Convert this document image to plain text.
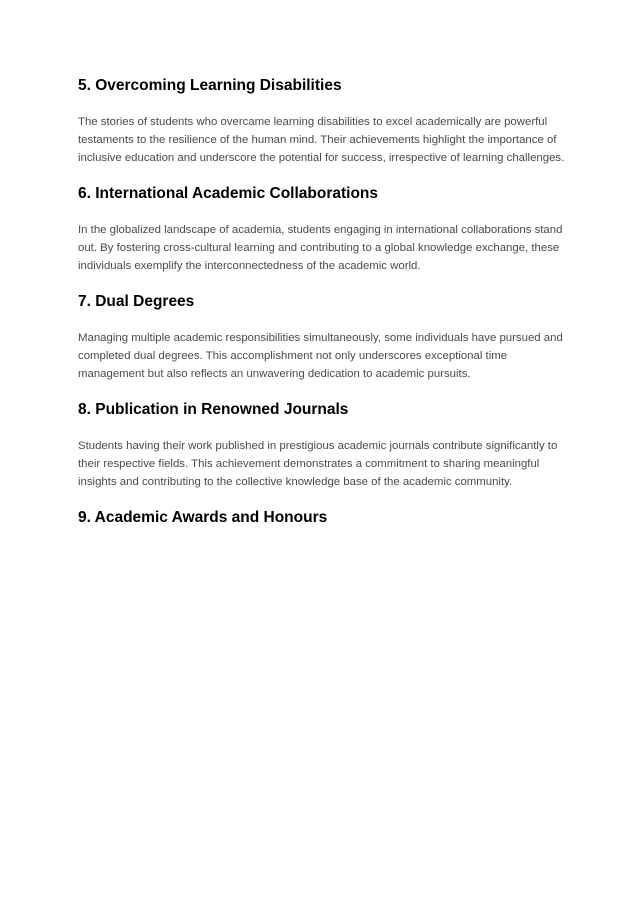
5. Overcoming Learning Disabilities

The stories of students who overcame learning disabilities to excel academically are powerful testaments to the resilience of the human mind. Their achievements highlight the importance of inclusive education and underscore the potential for success, irrespective of learning challenges.

6. International Academic Collaborations

In the globalized landscape of academia, students engaging in international collaborations stand out. By fostering cross-cultural learning and contributing to a global knowledge exchange, these individuals exemplify the interconnectedness of the academic world.

7. Dual Degrees

Managing multiple academic responsibilities simultaneously, some individuals have pursued and completed dual degrees. This accomplishment not only underscores exceptional time management but also reflects an unwavering dedication to academic pursuits.

8. Publication in Renowned Journals

Students having their work published in prestigious academic journals contribute significantly to their respective fields. This achievement demonstrates a commitment to sharing meaningful insights and contributing to the collective knowledge base of the academic community.

9. Academic Awards and Honours
